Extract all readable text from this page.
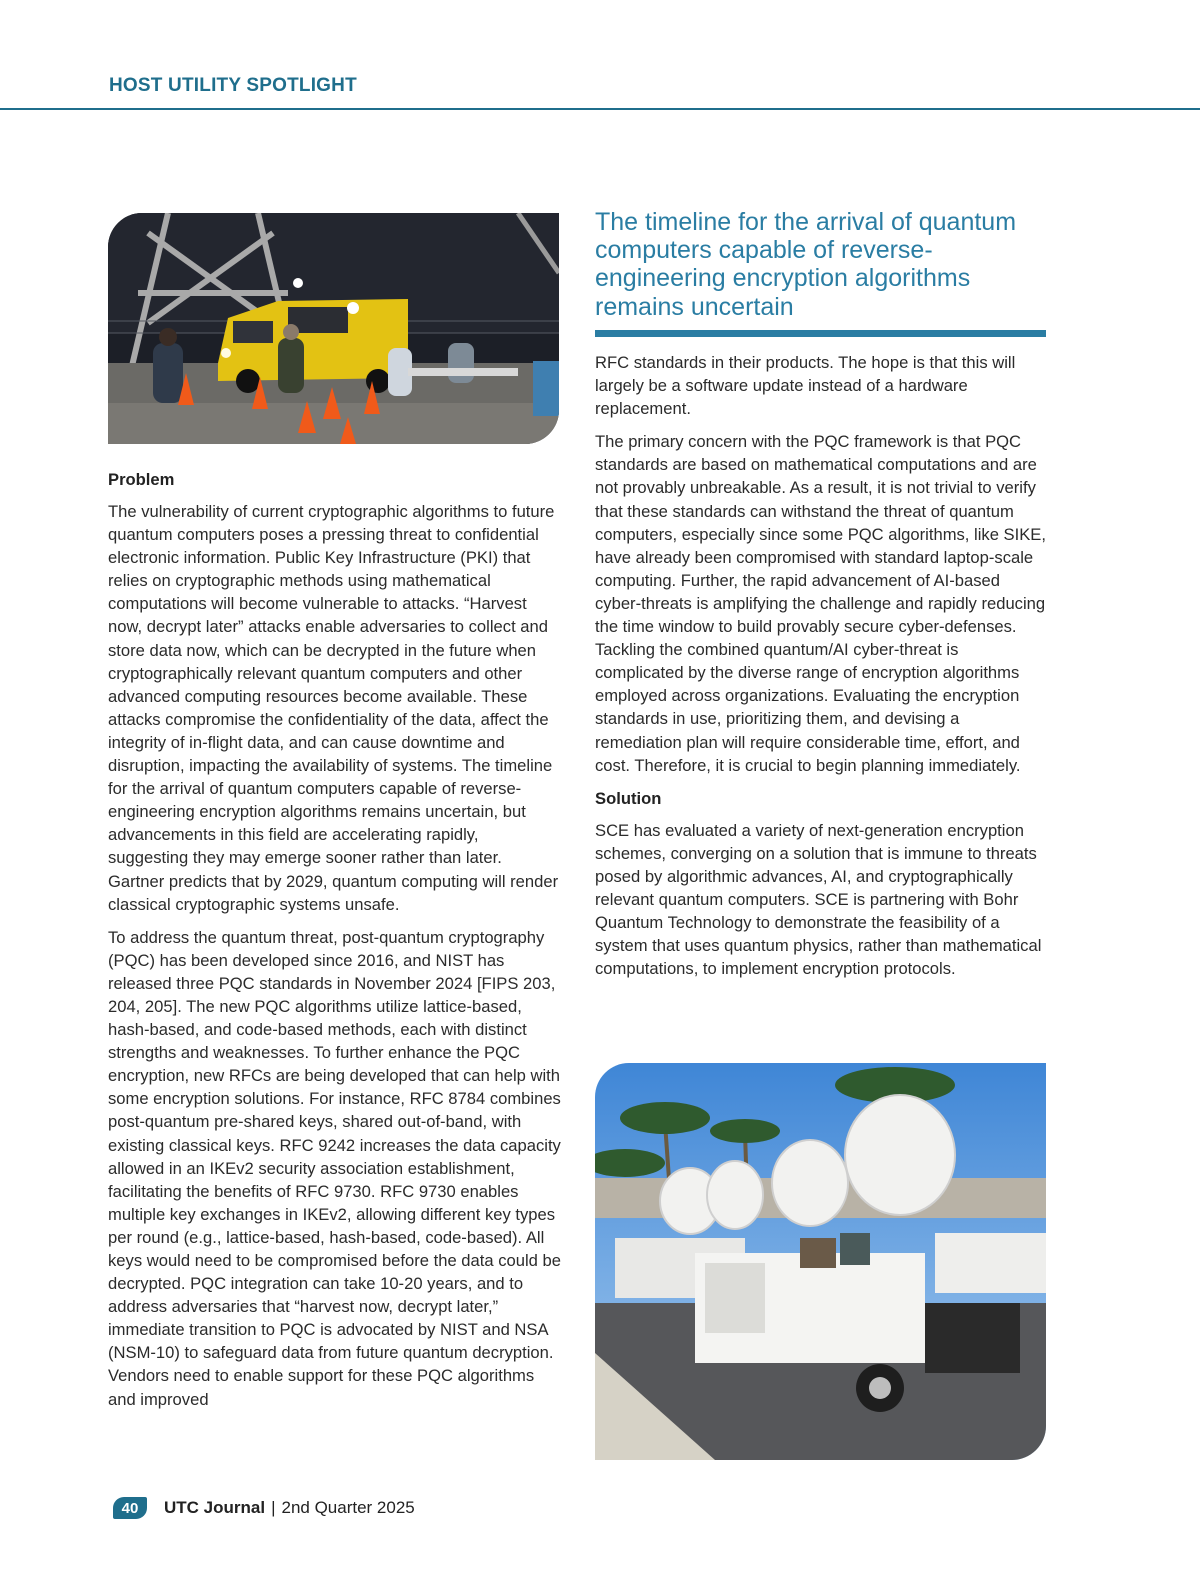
HOST UTILITY SPOTLIGHT
Problem

The vulnerability of current cryptographic algorithms to future quantum computers poses a pressing threat to confidential electronic information. Public Key Infrastructure (PKI) that relies on cryptographic methods using mathematical computations will become vulnerable to attacks. “Harvest now, decrypt later” attacks enable adversaries to collect and store data now, which can be decrypted in the future when cryptographically relevant quantum computers and other advanced computing resources become available. These attacks compromise the confidentiality of the data, affect the integrity of in-flight data, and can cause downtime and disruption, impacting the availability of systems. The timeline for the arrival of quantum computers capable of reverse-engineering encryption algorithms remains uncertain, but advancements in this field are accelerating rapidly, suggesting they may emerge sooner rather than later. Gartner predicts that by 2029, quantum computing will render classical cryptographic systems unsafe.

To address the quantum threat, post-quantum cryptography (PQC) has been developed since 2016, and NIST has released three PQC standards in November 2024 [FIPS 203, 204, 205]. The new PQC algorithms utilize lattice-based, hash-based, and code-based methods, each with distinct strengths and weaknesses. To further enhance the PQC encryption, new RFCs are being developed that can help with some encryption solutions. For instance, RFC 8784 combines post-quantum pre-shared keys, shared out-of-band, with existing classical keys. RFC 9242 increases the data capacity allowed in an IKEv2 security association establishment, facilitating the benefits of RFC 9730. RFC 9730 enables multiple key exchanges in IKEv2, allowing different key types per round (e.g., lattice-based, hash-based, code-based). All keys would need to be compromised before the data could be decrypted. PQC integration can take 10-20 years, and to address adversaries that “harvest now, decrypt later,” immediate transition to PQC is advocated by NIST and NSA (NSM-10) to safeguard data from future quantum decryption. Vendors need to enable support for these PQC algorithms and improved

The timeline for the arrival of quantum computers capable of reverse-engineering encryption algorithms remains uncertain

RFC standards in their products. The hope is that this will largely be a software update instead of a hardware replacement.

The primary concern with the PQC framework is that PQC standards are based on mathematical computations and are not provably unbreakable. As a result, it is not trivial to verify that these standards can withstand the threat of quantum computers, especially since some PQC algorithms, like SIKE, have already been compromised with standard laptop-scale computing. Further, the rapid advancement of AI-based cyber-threats is amplifying the challenge and rapidly reducing the time window to build provably secure cyber-defenses. Tackling the combined quantum/AI cyber-threat is complicated by the diverse range of encryption algorithms employed across organizations. Evaluating the encryption standards in use, prioritizing them, and devising a remediation plan will require considerable time, effort, and cost. Therefore, it is crucial to begin planning immediately.

Solution

SCE has evaluated a variety of next-generation encryption schemes, converging on a solution that is immune to threats posed by algorithmic advances, AI, and cryptographically relevant quantum computers. SCE is partnering with Bohr Quantum Technology to demonstrate the feasibility of a system that uses quantum physics, rather than mathematical computations, to implement encryption protocols.

40	UTC Journal | 2nd Quarter 2025
